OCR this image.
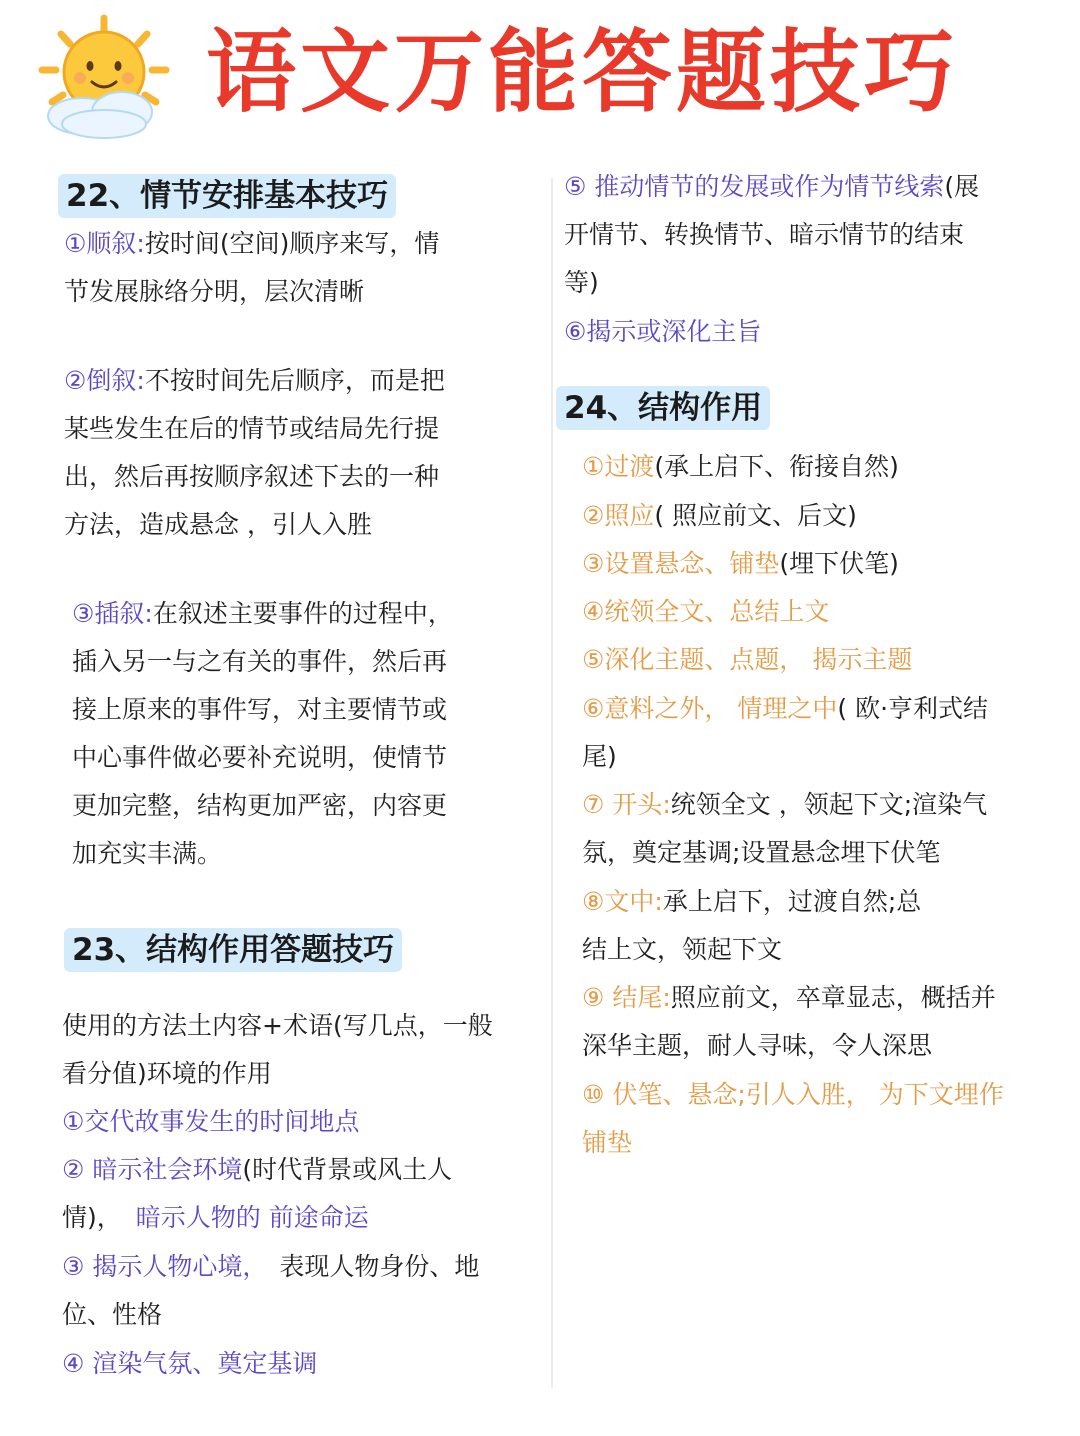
语文万能答题技巧
22、情节安排基本技巧

①顺叙:按时间(空间)顺序来写，情

节发展脉络分明，层次清晰

②倒叙:不按时间先后顺序，而是把

某些发生在后的情节或结局先行提

出，然后再按顺序叙述下去的一种

方法，造成悬念 ，引人入胜

③插叙:在叙述主要事件的过程中，

插入另一与之有关的事件，然后再

接上原来的事件写，对主要情节或

中心事件做必要补充说明，使情节

更加完整，结构更加严密，内容更

加充实丰满。

23、结构作用答题技巧

使用的方法土内容+术语(写几点，一般

看分值)环境的作用

①交代故事发生的时间地点

② 暗示社会环境(时代背景或风土人

情)， 暗示人物的 前途命运

③ 揭示人物心境， 表现人物身份、地

位、性格

④ 渲染气氛、奠定基调

⑤ 推动情节的发展或作为情节线索(展

开情节、转换情节、暗示情节的结束

等)

⑥揭示或深化主旨

24、结构作用

①过渡(承上启下、衔接自然)

②照应( 照应前文、后文)

③设置悬念、铺垫(埋下伏笔)

④统领全文、总结上文

⑤深化主题、点题， 揭示主题

⑥意料之外， 情理之中( 欧·亨利式结

尾)

⑦ 开头:统领全文 ，领起下文;渲染气

氛，奠定基调;设置悬念埋下伏笔

⑧文中:承上启下，过渡自然;总

结上文，领起下文

⑨ 结尾:照应前文，卒章显志，概括并

深华主题，耐人寻味，令人深思

⑩ 伏笔、悬念;引人入胜， 为下文埋作

铺垫
